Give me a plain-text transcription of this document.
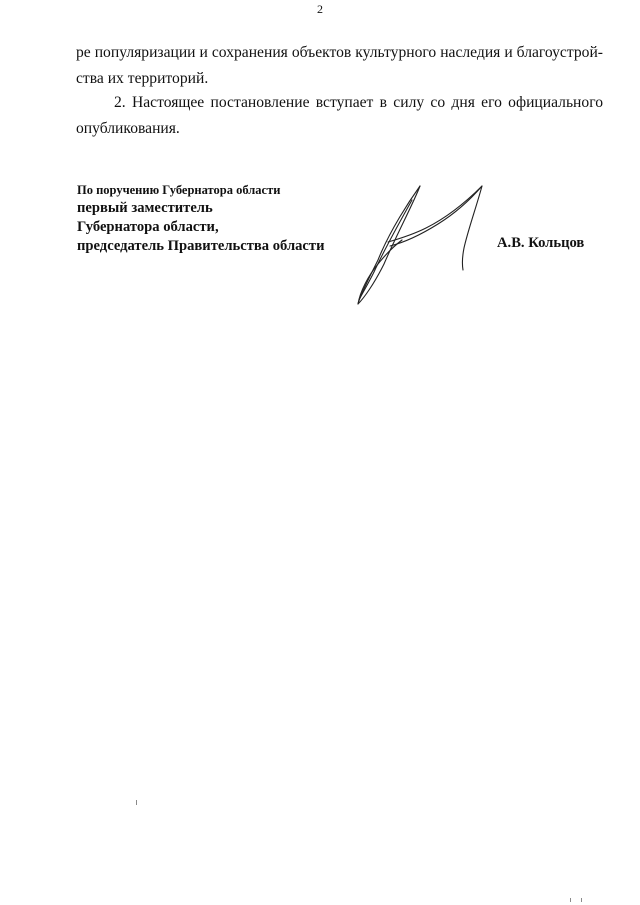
2
ре популяризации и сохранения объектов культурного наследия и благоустрой-
ства их территорий.
2. Настоящее постановление вступает в силу со дня его официального
опубликования.
По поручению Губернатора области
первый заместитель
Губернатора области,
председатель Правительства области	А.В. Кольцов
